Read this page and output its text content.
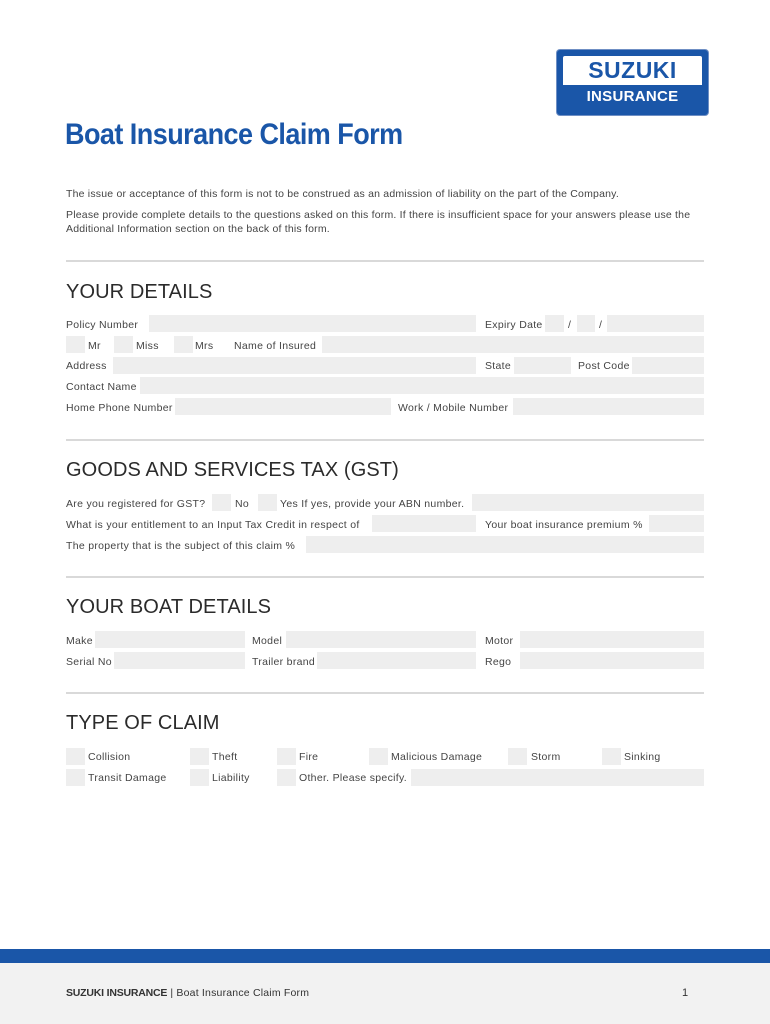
SUZUKI
INSURANCE
Boat Insurance Claim Form
The issue or acceptance of this form is not to be construed as an admission of liability on the part of the Company.
Please provide complete details to the questions asked on this form. If there is insufficient space for your answers please use the Additional Information section on the back of this form.
YOUR DETAILS
Policy Number	Expiry Date /	/
Mr	Miss	Mrs Name of Insured
Address	State	Post Code
Contact Name
Home Phone Number	Work / Mobile Number
GOODS AND SERVICES TAX (GST)
Are you registered for GST?	No	Yes If yes, provide your ABN number.
What is your entitlement to an Input Tax Credit in respect of	Your boat insurance premium %
The property that is the subject of this claim %
YOUR BOAT DETAILS
Make	Model	Motor
Serial No	Trailer brand	Rego
TYPE OF CLAIM
Collision	Theft	Fire	Malicious Damage	Storm	Sinking
Transit Damage	Liability	Other. Please specify.
SUZUKI INSURANCE | Boat Insurance Claim Form	1
